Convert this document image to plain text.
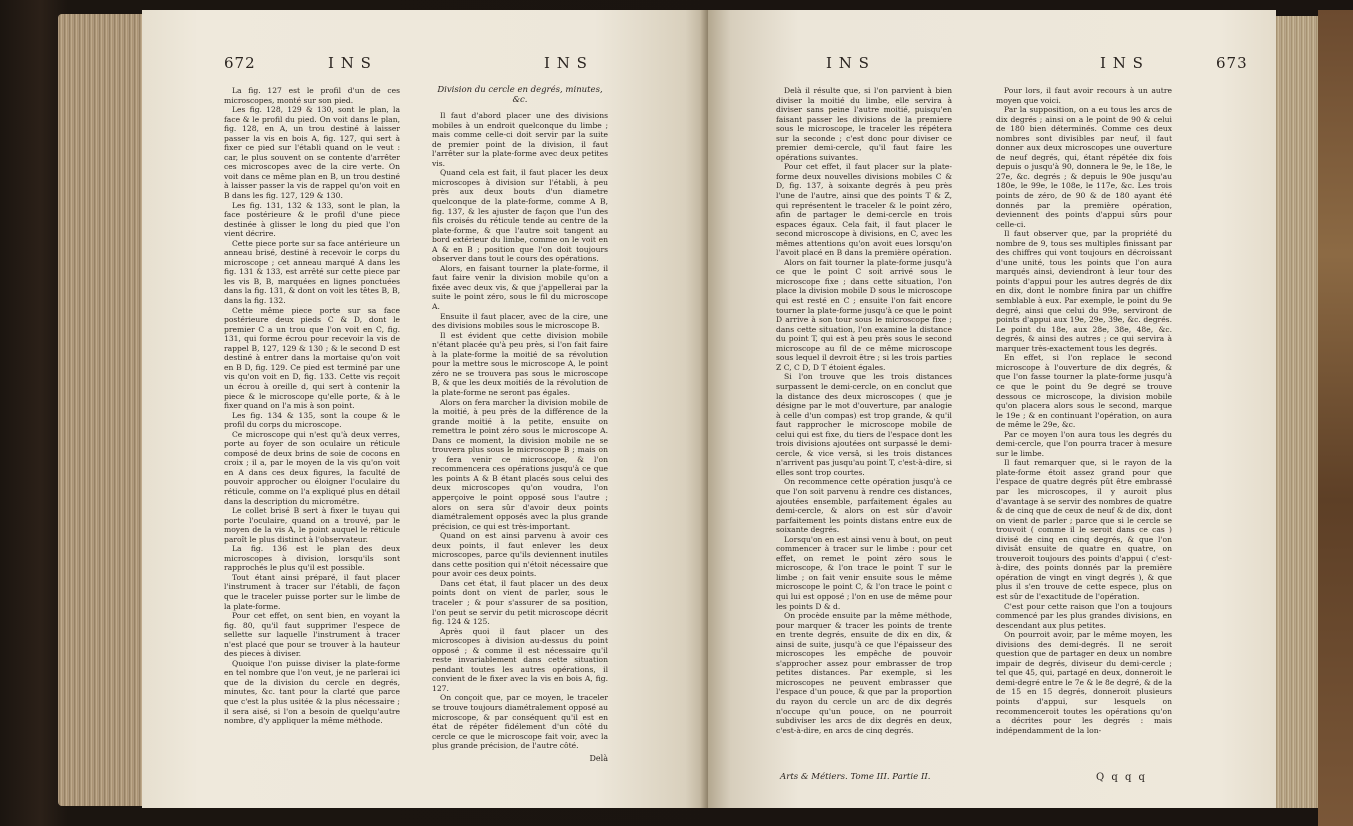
672	I N S	I N S

La fig. 127 est le profil d'un de ces microscopes, monté sur son pied.

Les fig. 128, 129 & 130, sont le plan, la face & le profil du pied. On voit dans le plan, fig. 128, en A, un trou destiné à laisser passer la vis en bois A, fig. 127, qui sert à fixer ce pied sur l'établi quand on le veut : car, le plus souvent on se contente d'arrêter ces microscopes avec de la cire verte. On voit dans ce même plan en B, un trou destiné à laisser passer la vis de rappel qu'on voit en B dans les fig. 127, 129 & 130.

Les fig. 131, 132 & 133, sont le plan, la face postérieure & le profil d'une piece destinée à glisser le long du pied que l'on vient décrire.

Cette piece porte sur sa face antérieure un anneau brisé, destiné à recevoir le corps du microscope ; cet anneau marqué A dans les fig. 131 & 133, est arrêté sur cette piece par les vis B, B, marquées en lignes ponctuées dans la fig. 131, & dont on voit les têtes B, B, dans la fig. 132.

Cette même piece porte sur sa face postérieure deux pieds C & D, dont le premier C a un trou que l'on voit en C, fig. 131, qui forme écrou pour recevoir la vis de rappel B, 127, 129 & 130 ; & le second D est destiné à entrer dans la mortaise qu'on voit en B D, fig. 129. Ce pied est terminé par une vis qu'on voit en D, fig. 133. Cette vis reçoit un écrou à oreille d, qui sert à contenir la piece & le microscope qu'elle porte, & à le fixer quand on l'a mis à son point.

Les fig. 134 & 135, sont la coupe & le profil du corps du microscope.

Ce microscope qui n'est qu'à deux verres, porte au foyer de son oculaire un réticule composé de deux brins de soie de cocons en croix ; il a, par le moyen de la vis qu'on voit en A dans ces deux figures, la faculté de pouvoir approcher ou éloigner l'oculaire du réticule, comme on l'a expliqué plus en détail dans la description du micrométre.

Le collet brisé B sert à fixer le tuyau qui porte l'oculaire, quand on a trouvé, par le moyen de la vis A, le point auquel le réticule paroît le plus distinct à l'observateur.

La fig. 136 est le plan des deux microscopes à division, lorsqu'ils sont rapprochés le plus qu'il est possible.

Tout étant ainsi préparé, il faut placer l'instrument à tracer sur l'établi, de façon que le traceler puisse porter sur le limbe de la plate-forme.

Pour cet effet, on sent bien, en voyant la fig. 80, qu'il faut supprimer l'espece de sellette sur laquelle l'instrument à tracer n'est placé que pour se trouver à la hauteur des pieces à diviser.

Quoique l'on puisse diviser la plate-forme en tel nombre que l'on veut, je ne parlerai ici que de la division du cercle en degrés, minutes, &c. tant pour la clarté que parce que c'est la plus usitée & la plus nécessaire ; il sera aisé, si l'on a besoin de quelqu'autre nombre, d'y appliquer la même méthode.

Division du cercle en degrés, minutes, &c.

Il faut d'abord placer une des divisions mobiles à un endroit quelconque du limbe ; mais comme celle-ci doit servir par la suite de premier point de la division, il faut l'arrêter sur la plate-forme avec deux petites vis.

Quand cela est fait, il faut placer les deux microscopes à division sur l'établi, à peu près aux deux bouts d'un diametre quelconque de la plate-forme, comme A B, fig. 137, & les ajuster de façon que l'un des fils croisés du réticule tende au centre de la plate-forme, & que l'autre soit tangent au bord extérieur du limbe, comme on le voit en A & en B ; position que l'on doit toujours observer dans tout le cours des opérations.

Alors, en faisant tourner la plate-forme, il faut faire venir la division mobile qu'on a fixée avec deux vis, & que j'appellerai par la suite le point zéro, sous le fil du microscope A.

Ensuite il faut placer, avec de la cire, une des divisions mobiles sous le microscope B.

Il est évident que cette division mobile n'étant placée qu'à peu près, si l'on fait faire à la plate-forme la moitié de sa révolution pour la mettre sous le microscope A, le point zéro ne se trouvera pas sous le microscope B, & que les deux moitiés de la révolution de la plate-forme ne seront pas égales.

Alors on fera marcher la division mobile de la moitié, à peu près de la différence de la grande moitié à la petite, ensuite on remettra le point zéro sous le microscope A. Dans ce moment, la division mobile ne se trouvera plus sous le microscope B ; mais on y fera venir ce microscope, & l'on recommencera ces opérations jusqu'à ce que les points A & B étant placés sous celui des deux microscopes qu'on voudra, l'on apperçoive le point opposé sous l'autre ; alors on sera sûr d'avoir deux points diamétralement opposés avec la plus grande précision, ce qui est très-important.

Quand on est ainsi parvenu à avoir ces deux points, il faut enlever les deux microscopes, parce qu'ils deviennent inutiles dans cette position qui n'étoit nécessaire que pour avoir ces deux points.

Dans cet état, il faut placer un des deux points dont on vient de parler, sous le traceler ; & pour s'assurer de sa position, l'on peut se servir du petit microscope décrit fig. 124 & 125.

Après quoi il faut placer un des microscopes à division au-dessus du point opposé ; & comme il est nécessaire qu'il reste invariablement dans cette situation pendant toutes les autres opérations, il convient de le fixer avec la vis en bois A, fig. 127.

On conçoit que, par ce moyen, le traceler se trouve toujours diamétralement opposé au microscope, & par conséquent qu'il est en état de répéter fidélement d'un côté du cercle ce que le microscope fait voir, avec la plus grande précision, de l'autre côté.

Delà
I N S	I N S	673

Delà il résulte que, si l'on parvient à bien diviser la moitié du limbe, elle servira à diviser sans peine l'autre moitié, puisqu'en faisant passer les divisions de la premiere sous le microscope, le traceler les répétera sur la seconde ; c'est donc pour diviser ce premier demi-cercle, qu'il faut faire les opérations suivantes.

Pour cet effet, il faut placer sur la plate-forme deux nouvelles divisions mobiles C & D, fig. 137, à soixante degrés à peu près l'une de l'autre, ainsi que des points T & Z, qui représentent le traceler & le point zéro, afin de partager le demi-cercle en trois espaces égaux. Cela fait, il faut placer le second microscope à divisions, en C, avec les mêmes attentions qu'on avoit eues lorsqu'on l'avoit placé en B dans la première opération.

Alors on fait tourner la plate-forme jusqu'à ce que le point C soit arrivé sous le microscope fixe ; dans cette situation, l'on place la division mobile D sous le microscope qui est resté en C ; ensuite l'on fait encore tourner la plate-forme jusqu'à ce que le point D arrive à son tour sous le microscope fixe ; dans cette situation, l'on examine la distance du point T, qui est à peu près sous le second microscope au fil de ce même microscope sous lequel il devroit être ; si les trois parties Z C, C D, D T étoient égales.

Si l'on trouve que les trois distances surpassent le demi-cercle, on en conclut que la distance des deux microscopes ( que je désigne par le mot d'ouverture, par analogie à celle d'un compas) est trop grande, & qu'il faut rapprocher le microscope mobile de celui qui est fixe, du tiers de l'espace dont les trois divisions ajoutées ont surpassé le demi-cercle, & vice versâ, si les trois distances n'arrivent pas jusqu'au point T, c'est-à-dire, si elles sont trop courtes.

On recommence cette opération jusqu'à ce que l'on soit parvenu à rendre ces distances, ajoutées ensemble, parfaitement égales au demi-cercle, & alors on est sûr d'avoir parfaitement les points distans entre eux de soixante degrés.

Lorsqu'on en est ainsi venu à bout, on peut commencer à tracer sur le limbe : pour cet effet, on remet le point zéro sous le microscope, & l'on trace le point T sur le limbe ; on fait venir ensuite sous le même microscope le point C, & l'on trace le point c qui lui est opposé ; l'on en use de même pour les points D & d.

On procède ensuite par la même méthode, pour marquer & tracer les points de trente en trente degrés, ensuite de dix en dix, & ainsi de suite, jusqu'à ce que l'épaisseur des microscopes les empêche de pouvoir s'approcher assez pour embrasser de trop petites distances. Par exemple, si les microscopes ne peuvent embrasser que l'espace d'un pouce, & que par la proportion du rayon du cercle un arc de dix degrés n'occupe qu'un pouce, on ne pourroit subdiviser les arcs de dix degrés en deux, c'est-à-dire, en arcs de cinq degrés.

Pour lors, il faut avoir recours à un autre moyen que voici.

Par la supposition, on a eu tous les arcs de dix degrés ; ainsi on a le point de 90 & celui de 180 bien déterminés. Comme ces deux nombres sont divisibles par neuf, il faut donner aux deux microscopes une ouverture de neuf degrés, qui, étant répétée dix fois depuis o jusqu'à 90, donnera le 9e, le 18e, le 27e, &c. degrés ; & depuis le 90e jusqu'au 180e, le 99e, le 108e, le 117e, &c. Les trois points de zéro, de 90 & de 180 ayant été donnés par la première opération, deviennent des points d'appui sûrs pour celle-ci.

Il faut observer que, par la propriété du nombre de 9, tous ses multiples finissant par des chiffres qui vont toujours en décroissant d'une unité, tous les points que l'on aura marqués ainsi, deviendront à leur tour des points d'appui pour les autres degrés de dix en dix, dont le nombre finira par un chiffre semblable à eux. Par exemple, le point du 9e degré, ainsi que celui du 99e, serviront de points d'appui aux 19e, 29e, 39e, &c. degrés. Le point du 18e, aux 28e, 38e, 48e, &c. degrés, & ainsi des autres ; ce qui servira à marquer très-exactement tous les degrés.

En effet, si l'on replace le second microscope à l'ouverture de dix degrés, & que l'on fasse tourner la plate-forme jusqu'à ce que le point du 9e degré se trouve dessous ce microscope, la division mobile qu'on placera alors sous le second, marque le 19e ; & en continuant l'opération, on aura de même le 29e, &c.

Par ce moyen l'on aura tous les degrés du demi-cercle, que l'on pourra tracer à mesure sur le limbe.

Il faut remarquer que, si le rayon de la plate-forme étoit assez grand pour que l'espace de quatre degrés pût être embrassé par les microscopes, il y auroit plus d'avantage à se servir des nombres de quatre & de cinq que de ceux de neuf & de dix, dont on vient de parler ; parce que si le cercle se trouvoit ( comme il le seroit dans ce cas ) divisé de cinq en cinq degrés, & que l'on divisât ensuite de quatre en quatre, on trouveroit toujours des points d'appui ( c'est-à-dire, des points donnés par la première opération de vingt en vingt degrés ), & que plus il s'en trouve de cette espece, plus on est sûr de l'exactitude de l'opération.

C'est pour cette raison que l'on a toujours commencé par les plus grandes divisions, en descendant aux plus petites.

On pourroit avoir, par le même moyen, les divisions des demi-degrés. Il ne seroit question que de partager en deux un nombre impair de degrés, diviseur du demi-cercle ; tel que 45, qui, partagé en deux, donneroit le demi-degré entre le 7e & le 8e degré, & de la de 15 en 15 degrés, donneroit plusieurs points d'appui, sur lesquels on recommenceroit toutes les opérations qu'on a décrites pour les degrés : mais indépendamment de la lon-

Arts & Métiers. Tome III. Partie II.	Q q q q
